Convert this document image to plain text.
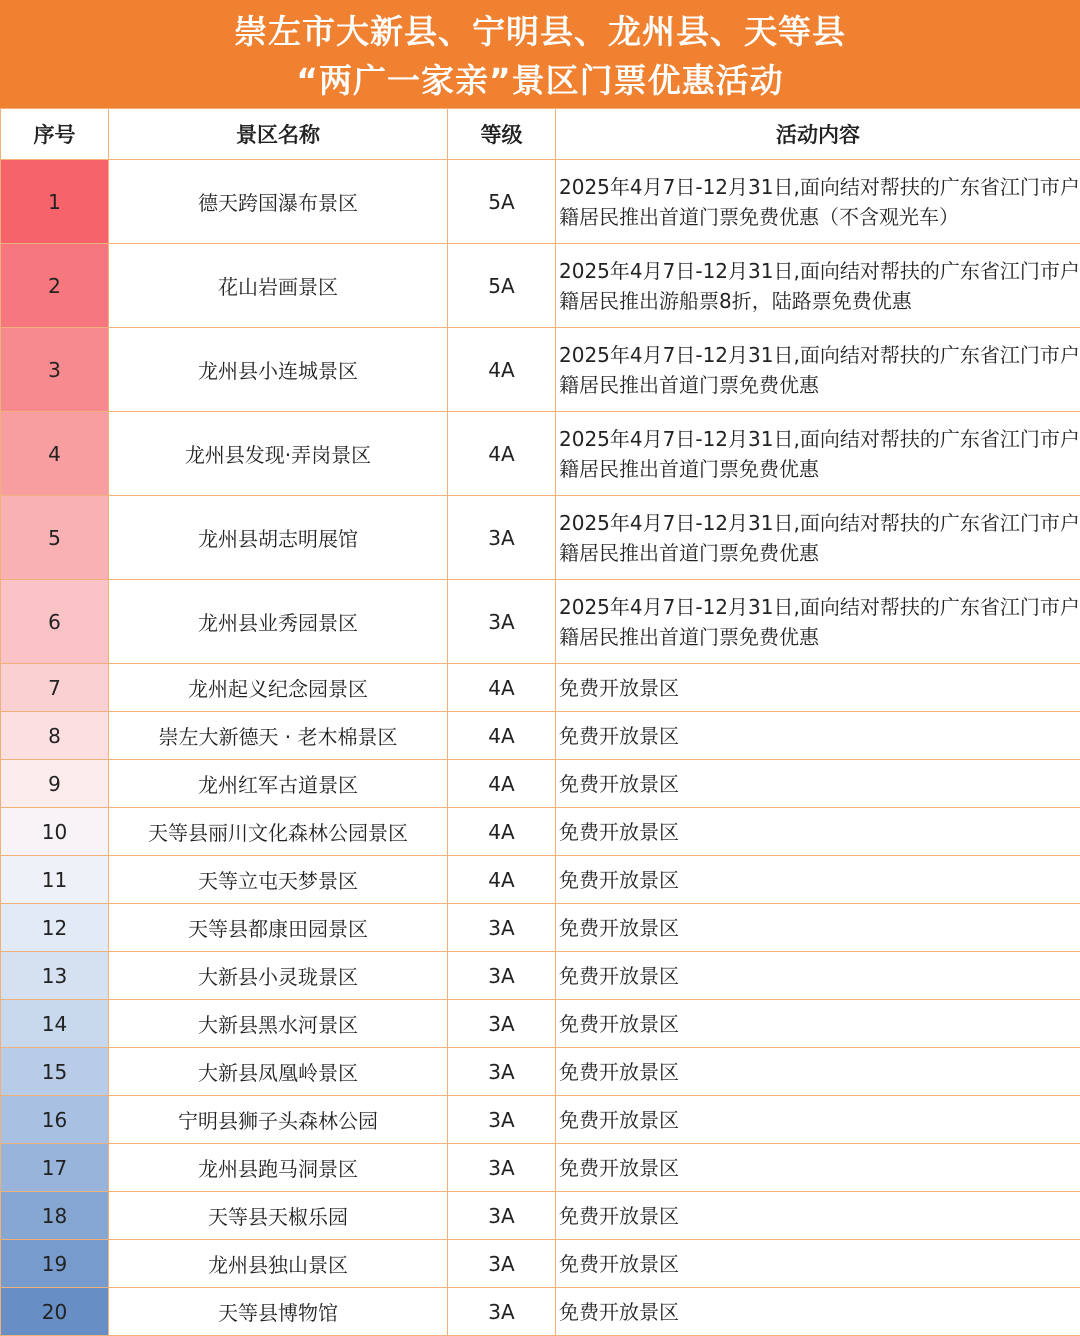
崇左市大新县、宁明县、龙州县、天等县
“两广一家亲”景区门票优惠活动
序号	景区名称	等级	活动内容
1	德天跨国瀑布景区	5A	2025年4月7日-12月31日,面向结对帮扶的广东省江门市户籍居民推出首道门票免费优惠（不含观光车）
2	花山岩画景区	5A	2025年4月7日-12月31日,面向结对帮扶的广东省江门市户籍居民推出游船票8折，陆路票免费优惠
3	龙州县小连城景区	4A	2025年4月7日-12月31日,面向结对帮扶的广东省江门市户籍居民推出首道门票免费优惠
4	龙州县发现·弄岗景区	4A	2025年4月7日-12月31日,面向结对帮扶的广东省江门市户籍居民推出首道门票免费优惠
5	龙州县胡志明展馆	3A	2025年4月7日-12月31日,面向结对帮扶的广东省江门市户籍居民推出首道门票免费优惠
6	龙州县业秀园景区	3A	2025年4月7日-12月31日,面向结对帮扶的广东省江门市户籍居民推出首道门票免费优惠
7	龙州起义纪念园景区	4A	免费开放景区
8	崇左大新德天 · 老木棉景区	4A	免费开放景区
9	龙州红军古道景区	4A	免费开放景区
10	天等县丽川文化森林公园景区	4A	免费开放景区
11	天等立屯天梦景区	4A	免费开放景区
12	天等县都康田园景区	3A	免费开放景区
13	大新县小灵珑景区	3A	免费开放景区
14	大新县黑水河景区	3A	免费开放景区
15	大新县凤凰岭景区	3A	免费开放景区
16	宁明县狮子头森林公园	3A	免费开放景区
17	龙州县跑马洞景区	3A	免费开放景区
18	天等县天椒乐园	3A	免费开放景区
19	龙州县独山景区	3A	免费开放景区
20	天等县博物馆	3A	免费开放景区
